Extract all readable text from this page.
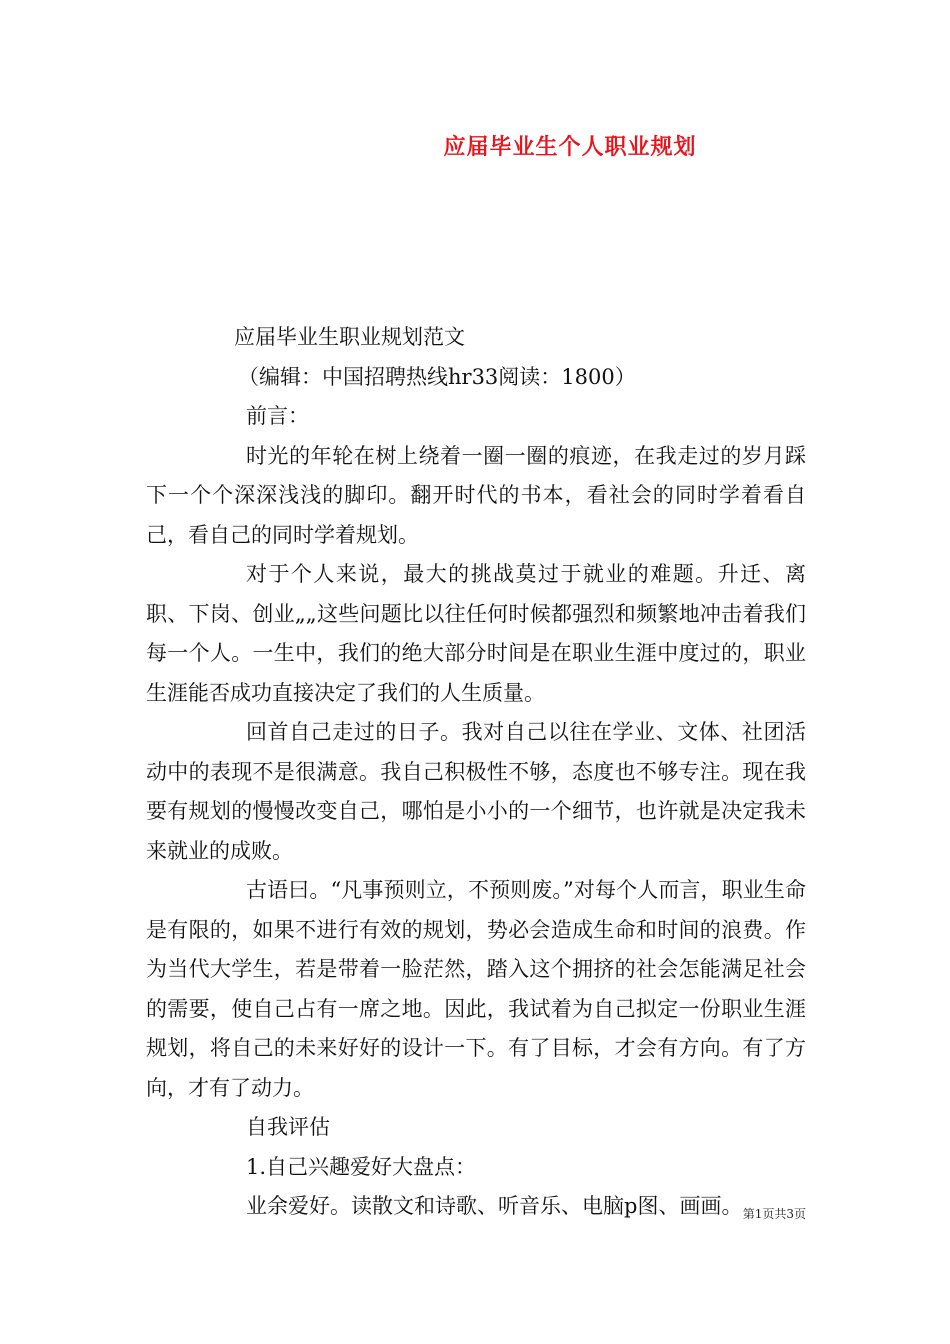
应届毕业生个人职业规划

应届毕业生职业规划范文

（编辑：中国招聘热线hr33阅读：1800）

前言：

时光的年轮在树上绕着一圈一圈的痕迹，在我走过的岁月踩下一个个深深浅浅的脚印。翻开时代的书本，看社会的同时学着看自己，看自己的同时学着规划。

对于个人来说，最大的挑战莫过于就业的难题。升迁、离职、下岗、创业„„这些问题比以往任何时候都强烈和频繁地冲击着我们每一个人。一生中，我们的绝大部分时间是在职业生涯中度过的，职业生涯能否成功直接决定了我们的人生质量。

回首自己走过的日子。我对自己以往在学业、文体、社团活动中的表现不是很满意。我自己积极性不够，态度也不够专注。现在我要有规划的慢慢改变自己，哪怕是小小的一个细节，也许就是决定我未来就业的成败。

古语曰。“凡事预则立，不预则废。”对每个人而言，职业生命是有限的，如果不进行有效的规划，势必会造成生命和时间的浪费。作为当代大学生，若是带着一脸茫然，踏入这个拥挤的社会怎能满足社会的需要，使自己占有一席之地。因此，我试着为自己拟定一份职业生涯规划，将自己的未来好好的设计一下。有了目标，才会有方向。有了方向，才有了动力。

自我评估

1.自己兴趣爱好大盘点：

业余爱好。读散文和诗歌、听音乐、电脑p图、画画。 第1页共3页
